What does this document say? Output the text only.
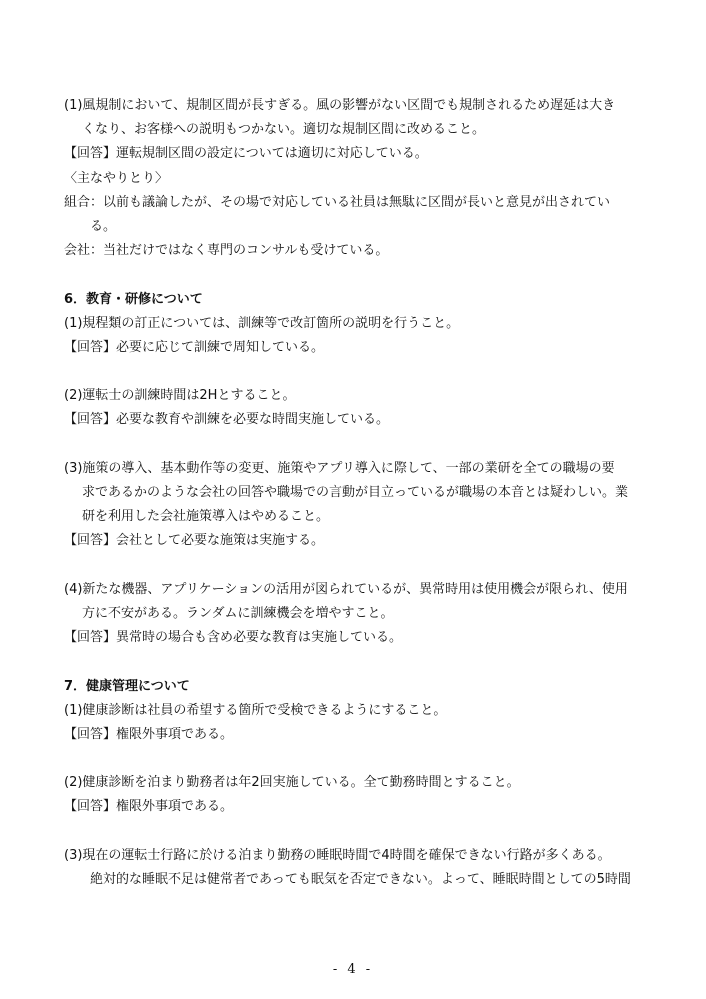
(1)風規制において、規制区間が長すぎる。風の影響がない区間でも規制されるため遅延は大き
くなり、お客様への説明もつかない。適切な規制区間に改めること。
【回答】運転規制区間の設定については適切に対応している。
〈主なやりとり〉
組合：以前も議論したが、その場で対応している社員は無駄に区間が長いと意見が出されてい
る。
会社：当社だけではなく専門のコンサルも受けている。
6．教育・研修について
(1)規程類の訂正については、訓練等で改訂箇所の説明を行うこと。
【回答】必要に応じて訓練で周知している。
(2)運転士の訓練時間は2Hとすること。
【回答】必要な教育や訓練を必要な時間実施している。
(3)施策の導入、基本動作等の変更、施策やアプリ導入に際して、一部の業研を全ての職場の要
求であるかのような会社の回答や職場での言動が目立っているが職場の本音とは疑わしい。業
研を利用した会社施策導入はやめること。
【回答】会社として必要な施策は実施する。
(4)新たな機器、アプリケーションの活用が図られているが、異常時用は使用機会が限られ、使用
方に不安がある。ランダムに訓練機会を増やすこと。
【回答】異常時の場合も含め必要な教育は実施している。
7．健康管理について
(1)健康診断は社員の希望する箇所で受検できるようにすること。
【回答】権限外事項である。
(2)健康診断を泊まり勤務者は年2回実施している。全て勤務時間とすること。
【回答】権限外事項である。
(3)現在の運転士行路に於ける泊まり勤務の睡眠時間で4時間を確保できない行路が多くある。
絶対的な睡眠不足は健常者であっても眠気を否定できない。よって、睡眠時間としての5時間
- 4 -
